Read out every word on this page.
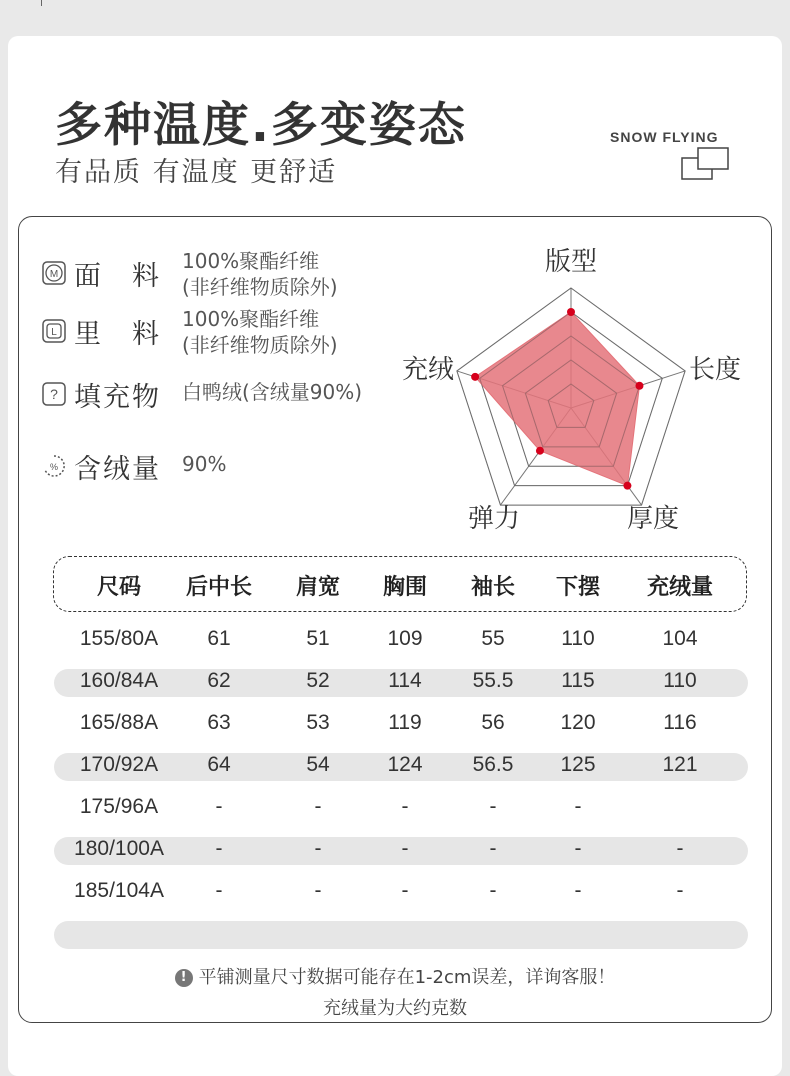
多种温度.多变姿态
有品质 有温度 更舒适
SNOW FLYING
M 面　料 100%聚酯纤维
(非纤维物质除外)
L 里　料 100%聚酯纤维
(非纤维物质除外)
? 填充物 白鸭绒(含绒量90%)
% 含绒量 90%
版型
长度
厚度
弹力
充绒
尺码 后中长 肩宽 胸围 袖长 下摆 充绒量
155/80A 61	51	109	55	110	104
160/84A 62	52	114 55.5 115	110
165/88A 63	53	119	56	120	116
170/92A 64	54	124 56.5 125	121
175/96A	-	-	-	-	-
180/100A -	-	-	-	-	-
185/104A -	-	-	-	-	-
! 平铺测量尺寸数据可能存在1-2cm误差，详询客服！
充绒量为大约克数
